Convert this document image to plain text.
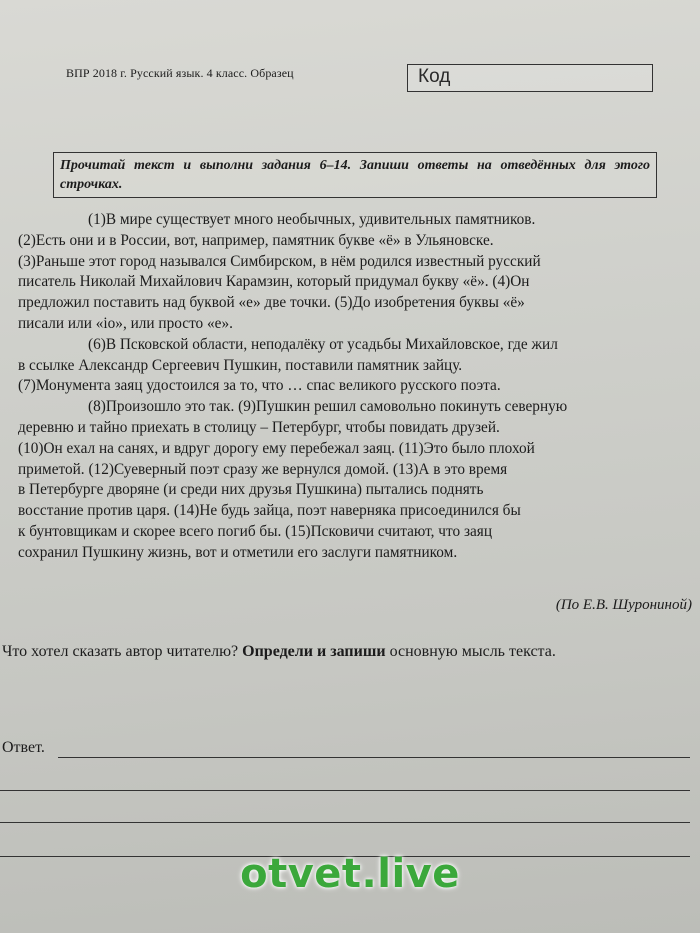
ВПР 2018 г. Русский язык. 4 класс. Образец	Код
Прочитай текст и выполни задания 6–14. Запиши ответы на отведённых для этого строчках.
(1)В мире существует много необычных, удивительных памятников.
(2)Есть они и в России, вот, например, памятник букве «ё» в Ульяновске.
(3)Раньше этот город назывался Симбирском, в нём родился известный русский
писатель Николай Михайлович Карамзин, который придумал букву «ё». (4)Он
предложил поставить над буквой «е» две точки. (5)До изобретения буквы «ё»
писали или «io», или просто «е».
(6)В Псковской области, неподалёку от усадьбы Михайловское, где жил
в ссылке Александр Сергеевич Пушкин, поставили памятник зайцу.
(7)Монумента заяц удостоился за то, что … спас великого русского поэта.
(8)Произошло это так. (9)Пушкин решил самовольно покинуть северную
деревню и тайно приехать в столицу – Петербург, чтобы повидать друзей.
(10)Он ехал на санях, и вдруг дорогу ему перебежал заяц. (11)Это было плохой
приметой. (12)Суеверный поэт сразу же вернулся домой. (13)А в это время
в Петербурге дворяне (и среди них друзья Пушкина) пытались поднять
восстание против царя. (14)Не будь зайца, поэт наверняка присоединился бы
к бунтовщикам и скорее всего погиб бы. (15)Псковичи считают, что заяц
сохранил Пушкину жизнь, вот и отметили его заслуги памятником.
(По Е.В. Шурониной)
Что хотел сказать автор читателю? Определи и запиши основную мысль текста.
Ответ.
otvet.live
